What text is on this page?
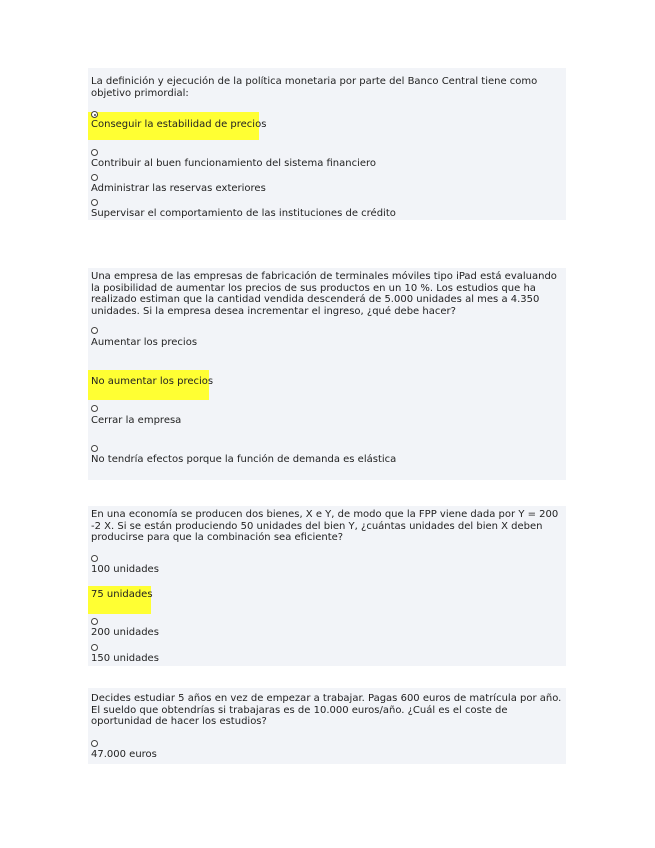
La definición y ejecución de la política monetaria por parte del Banco Central tiene como objetivo primordial:
Conseguir la estabilidad de precios
Contribuir al buen funcionamiento del sistema financiero
Administrar las reservas exteriores
Supervisar el comportamiento de las instituciones de crédito
Una empresa de las empresas de fabricación de terminales móviles tipo iPad está evaluando la posibilidad de aumentar los precios de sus productos en un 10 %. Los estudios que ha realizado estiman que la cantidad vendida descenderá de 5.000 unidades al mes a 4.350 unidades. Si la empresa desea incrementar el ingreso, ¿qué debe hacer?
Aumentar los precios
No aumentar los precios
Cerrar la empresa
No tendría efectos porque la función de demanda es elástica
En una economía se producen dos bienes, X e Y, de modo que la FPP viene dada por Y = 200 -2 X. Si se están produciendo 50 unidades del bien Y, ¿cuántas unidades del bien X deben producirse para que la combinación sea eficiente?
100 unidades
75 unidades
200 unidades
150 unidades
Decides estudiar 5 años en vez de empezar a trabajar. Pagas 600 euros de matrícula por año. El sueldo que obtendrías si trabajaras es de 10.000 euros/año. ¿Cuál es el coste de oportunidad de hacer los estudios?
47.000 euros
